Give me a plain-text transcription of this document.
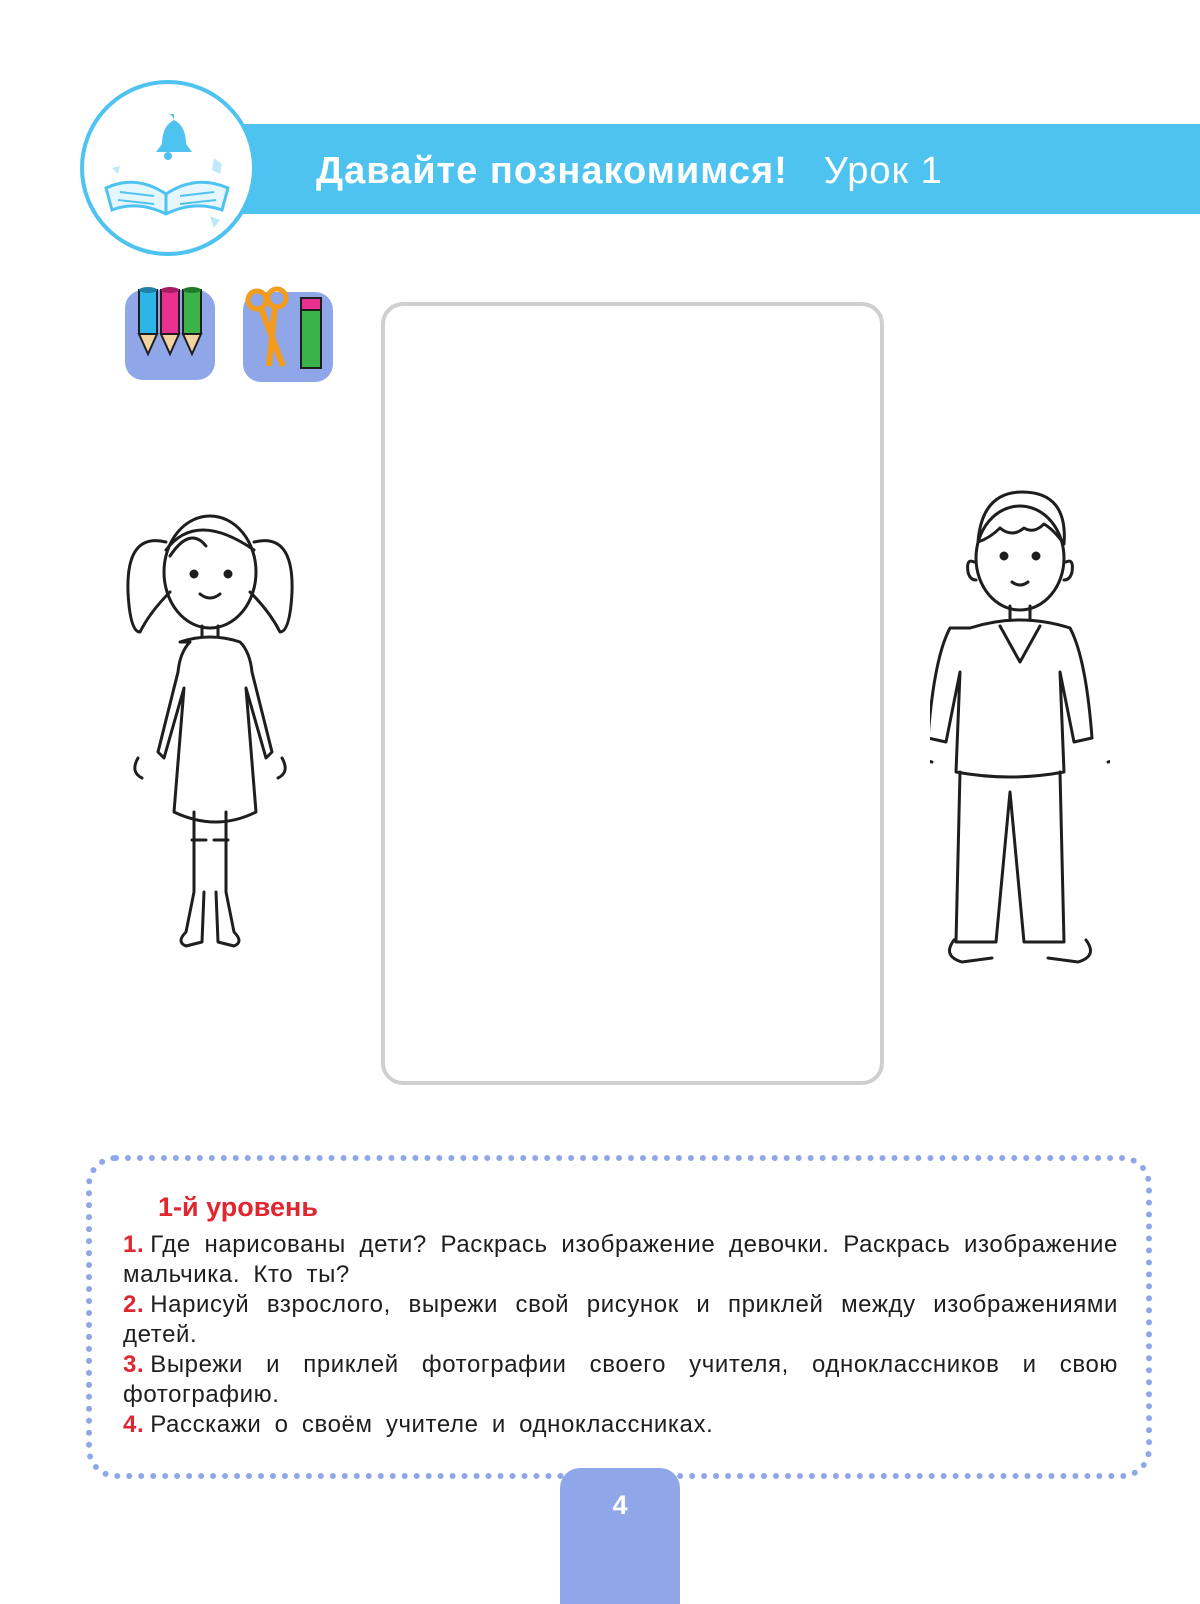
Давайте познакомимся! Урок 1
1-й уровень

1. Где нарисованы дети? Раскрась изображение девочки. Раскрась изображение мальчика. Кто ты?

2. Нарисуй взрослого, вырежи свой рисунок и приклей между изображениями детей.

3. Вырежи и приклей фотографии своего учителя, одноклассников и свою фотографию.

4. Расскажи о своём учителе и одноклассниках.

4
